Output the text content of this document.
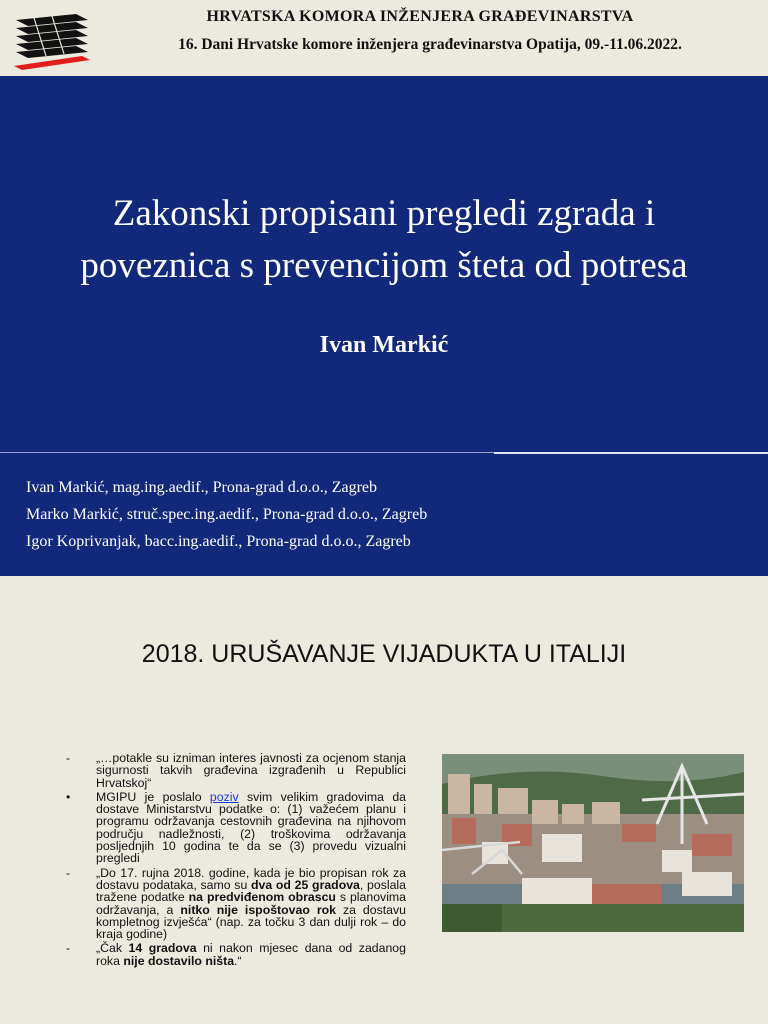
HRVATSKA KOMORA INŽENJERA GRAĐEVINARSTVA
16. Dani Hrvatske komore inženjera građevinarstva Opatija, 09.-11.06.2022.
Zakonski propisani pregledi zgrada i
poveznica s prevencijom šteta od potresa
Ivan Markić
Ivan Markić, mag.ing.aedif., Prona-grad d.o.o., Zagreb
Marko Markić, struč.spec.ing.aedif., Prona-grad d.o.o., Zagreb
Igor Koprivanjak, bacc.ing.aedif., Prona-grad d.o.o., Zagreb
2018. URUŠAVANJE VIJADUKTA U ITALIJI
-	„…potakle su izniman interes javnosti za ocjenom stanja sigurnosti takvih građevina izgrađenih u Republici Hrvatskoj“
•	MGIPU je poslalo poziv svim velikim gradovima da dostave Ministarstvu podatke o: (1) važećem planu i programu održavanja cestovnih građevina na njihovom području nadležnosti, (2) troškovima održavanja posljednjih 10 godina te da se (3) provedu vizualni pregledi
-	„Do 17. rujna 2018. godine, kada je bio propisan rok za dostavu podataka, samo su dva od 25 gradova, poslala tražene podatke na predviđenom obrascu s planovima održavanja, a nitko nije ispoštovao rok za dostavu kompletnog izvješća“ (nap. za točku 3 dan dulji rok – do kraja godine)
-	„Čak 14 gradova ni nakon mjesec dana od zadanog roka nije dostavilo ništa.“
